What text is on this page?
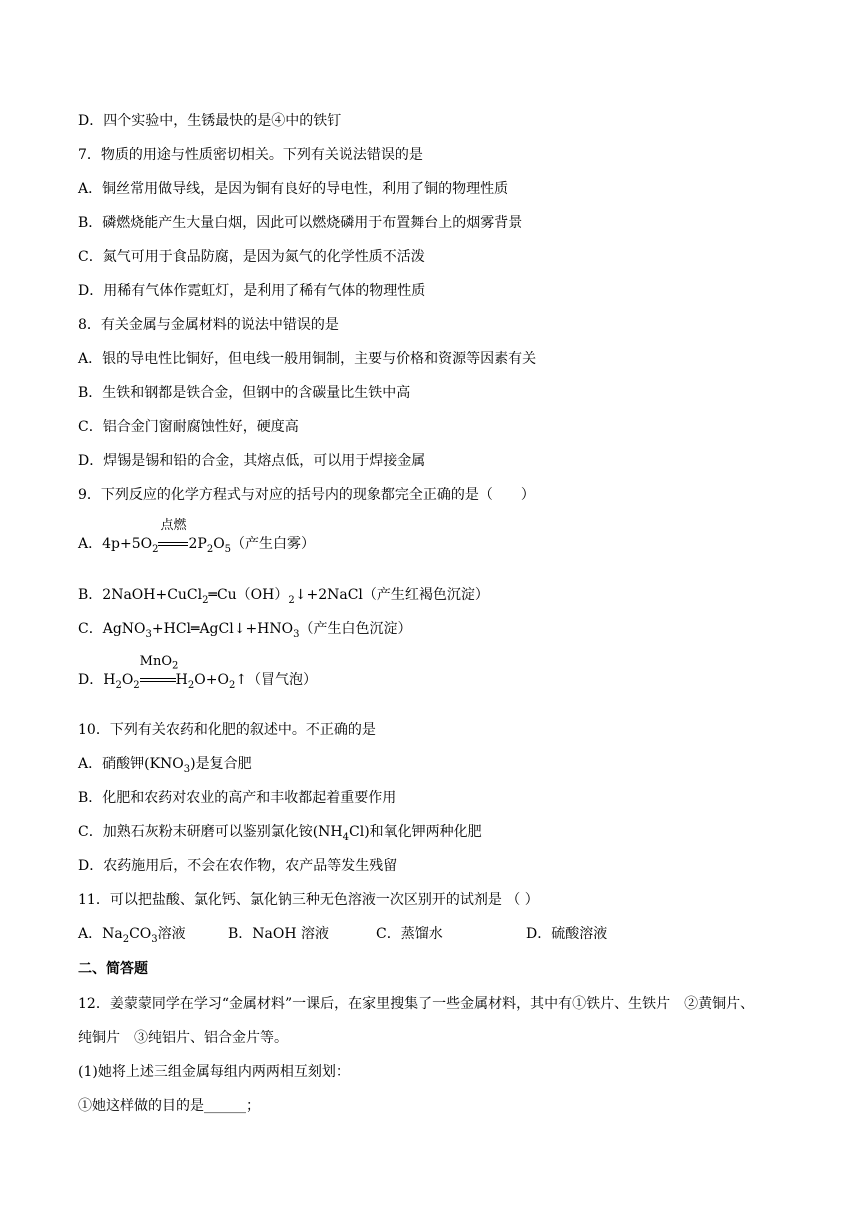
D．四个实验中，生锈最快的是④中的铁钉
7．物质的用途与性质密切相关。下列有关说法错误的是
A．铜丝常用做导线，是因为铜有良好的导电性，利用了铜的物理性质
B．磷燃烧能产生大量白烟，因此可以燃烧磷用于布置舞台上的烟雾背景
C．氮气可用于食品防腐，是因为氮气的化学性质不活泼
D．用稀有气体作霓虹灯，是利用了稀有气体的物理性质
8．有关金属与金属材料的说法中错误的是
A．银的导电性比铜好，但电线一般用铜制，主要与价格和资源等因素有关
B．生铁和钢都是铁合金，但钢中的含碳量比生铁中高
C．铝合金门窗耐腐蚀性好，硬度高
D．焊锡是锡和铅的合金，其熔点低，可以用于焊接金属
9．下列反应的化学方程式与对应的括号内的现象都完全正确的是（　　）
A．$4p+5O_2$
点燃
$2P_2O_5$（产生白雾）
B．$2NaOH+CuCl_2═Cu(OH)_2↓+2NaCl$（产生红褐色沉淀）
C．$AgNO_3+HCl═AgCl↓+HNO_3$（产生白色沉淀）
D．$H_2O_2$
MnO$_2$
$H_2O+O_2↑$（冒气泡）
10．下列有关农药和化肥的叙述中。不正确的是
A．硝酸钾$(KNO_3)$是复合肥
B．化肥和农药对农业的高产和丰收都起着重要作用
C．加熟石灰粉末研磨可以鉴别氯化铵$(NH_4Cl)$和氧化钾两种化肥
D．农药施用后，不会在农作物，农产品等发生残留
11．可以把盐酸、氯化钙、氯化钠三种无色溶液一次区别开的试剂是 （ ）
A．$Na_2CO_3$溶液	B．NaOH 溶液	C．蒸馏水	D．硫酸溶液
二、简答题
12．姜蒙蒙同学在学习“金属材料”一课后，在家里搜集了一些金属材料，其中有①铁片、生铁片　②黄铜片、
纯铜片　③纯铝片、铝合金片等。
(1)她将上述三组金属每组内两两相互刻划：
①她这样做的目的是______；
